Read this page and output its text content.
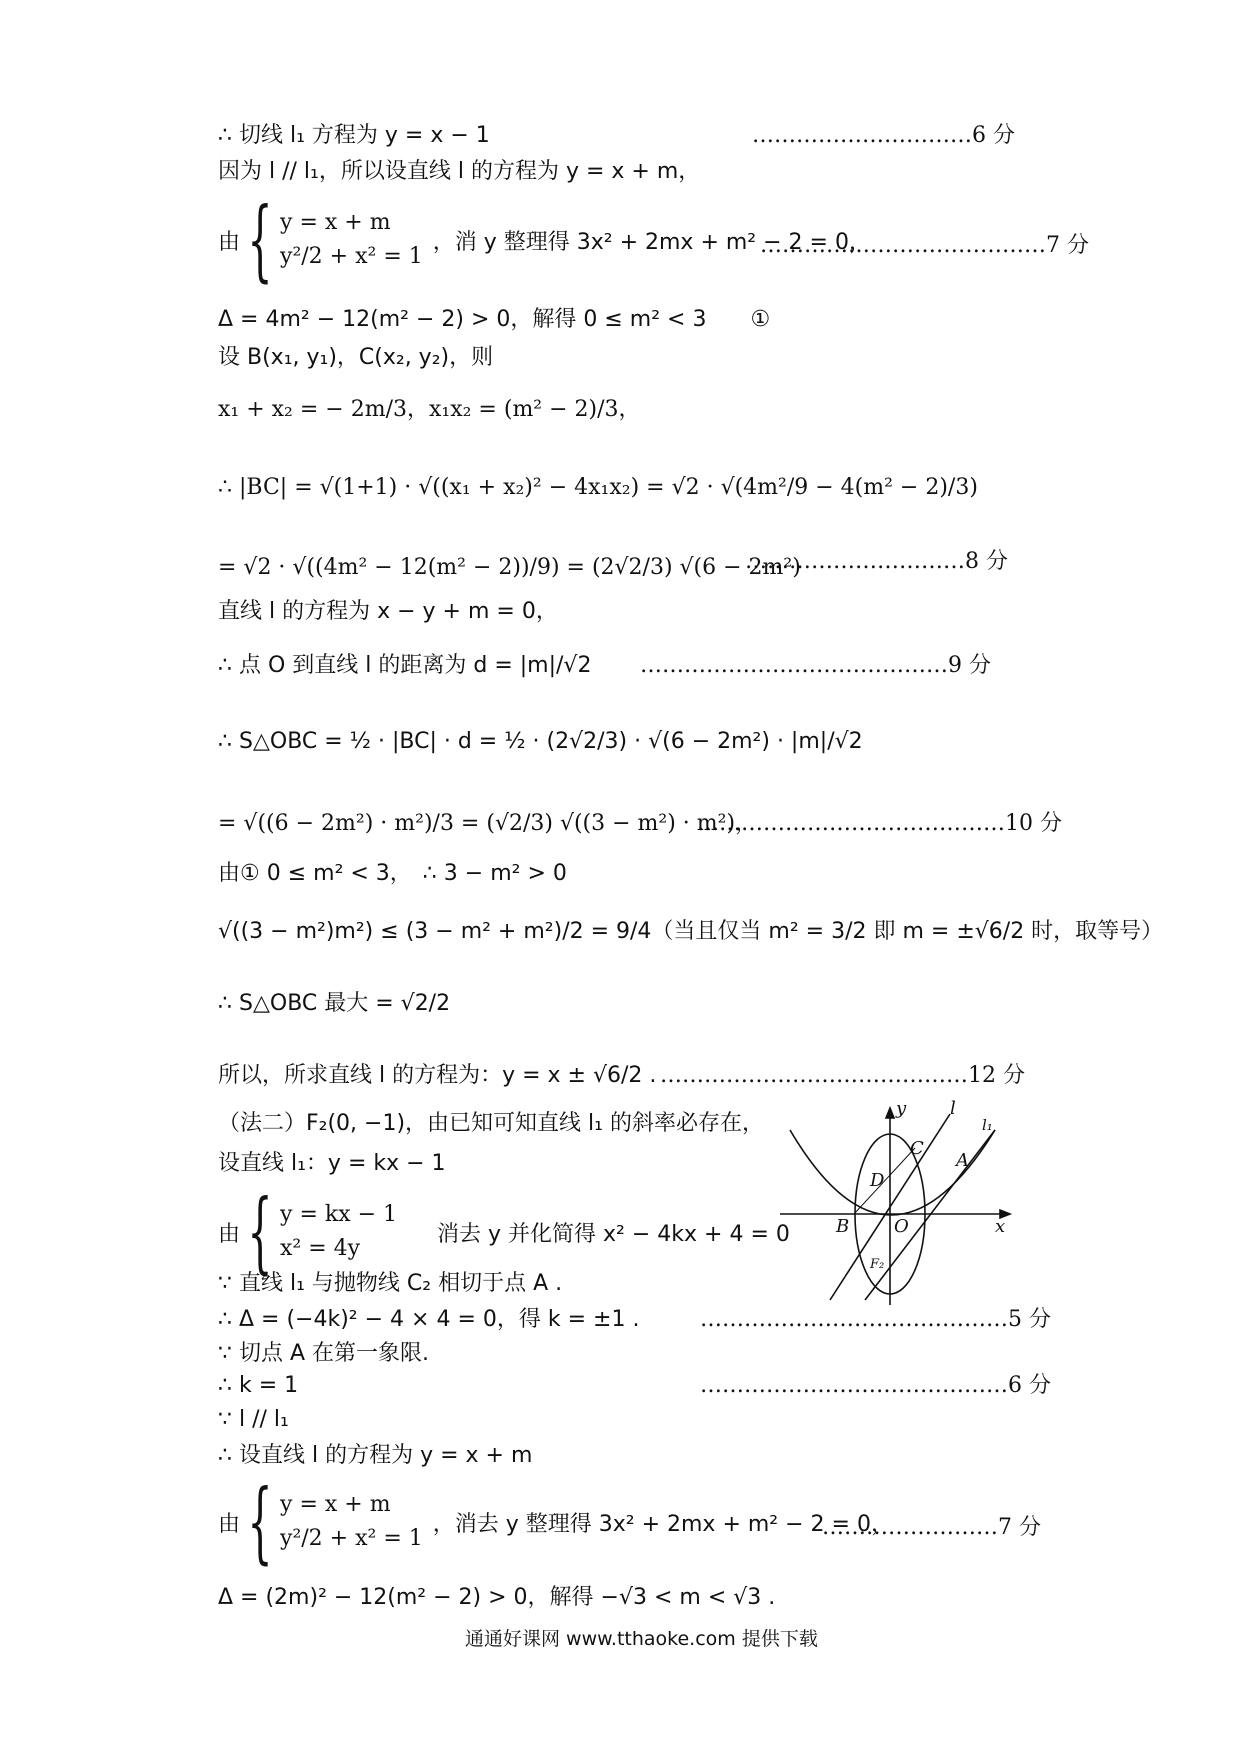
∴ 切线 l₁ 方程为 y = x − 1	…………………………6 分
因为 l // l₁，所以设直线 l 的方程为 y = x + m，
由 { y = x + m
y²/2 + x² = 1
，消 y 整理得 3x² + 2mx + m² − 2 = 0，
…………………………………7 分
Δ = 4m² − 12(m² − 2) > 0，解得 0 ≤ m² < 3　　①
设 B(x₁, y₁)，C(x₂, y₂)，则
x₁ + x₂ = − 2m/3，x₁x₂ = (m² − 2)/3，
∴ |BC| = √(1+1) · √((x₁ + x₂)² − 4x₁x₂) = √2 · √(4m²/9 − 4(m² − 2)/3)
= √2 · √((4m² − 12(m² − 2))/9) = (2√2/3) √(6 − 2m²)
…………………………8 分
直线 l 的方程为 x − y + m = 0，
∴ 点 O 到直线 l 的距离为 d = |m|/√2 ……………………………………9 分
∴ S△OBC = ½ · |BC| · d = ½ · (2√2/3) · √(6 − 2m²) · |m|/√2
= √((6 − 2m²) · m²)/3 = (√2/3) √((3 − m²) · m²)，
……………………………………10 分
由① 0 ≤ m² < 3，　∴ 3 − m² > 0
√((3 − m²)m²) ≤ (3 − m² + m²)/2 = 9/4（当且仅当 m² = 3/2 即 m = ±√6/2 时，取等号）
∴ S△OBC 最大 = √2/2
所以，所求直线 l 的方程为：y = x ± √6/2 . ……………………………………12 分
（法二）F₂(0, −1)，由已知可知直线 l₁ 的斜率必存在，
设直线 l₁：y = kx − 1
由 { y = kx − 1
x² = 4y
消去 y 并化简得 x² − 4kx + 4 = 0
∵ 直线 l₁ 与抛物线 C₂ 相切于点 A .
∴ Δ = (−4k)² − 4 × 4 = 0，得 k = ±1 .	……………………………………5 分
∵ 切点 A 在第一象限.
∴ k = 1	……………………………………6 分
∵ l // l₁
∴ 设直线 l 的方程为 y = x + m
由 { y = x + m
y²/2 + x² = 1
，消去 y 整理得 3x² + 2mx + m² − 2 = 0，
……………………7 分
Δ = (2m)² − 12(m² − 2) > 0，解得 −√3 < m < √3 .
y
x
l
l₁
A
B
C
D
O
F₂
通通好课网 www.tthaoke.com 提供下载
